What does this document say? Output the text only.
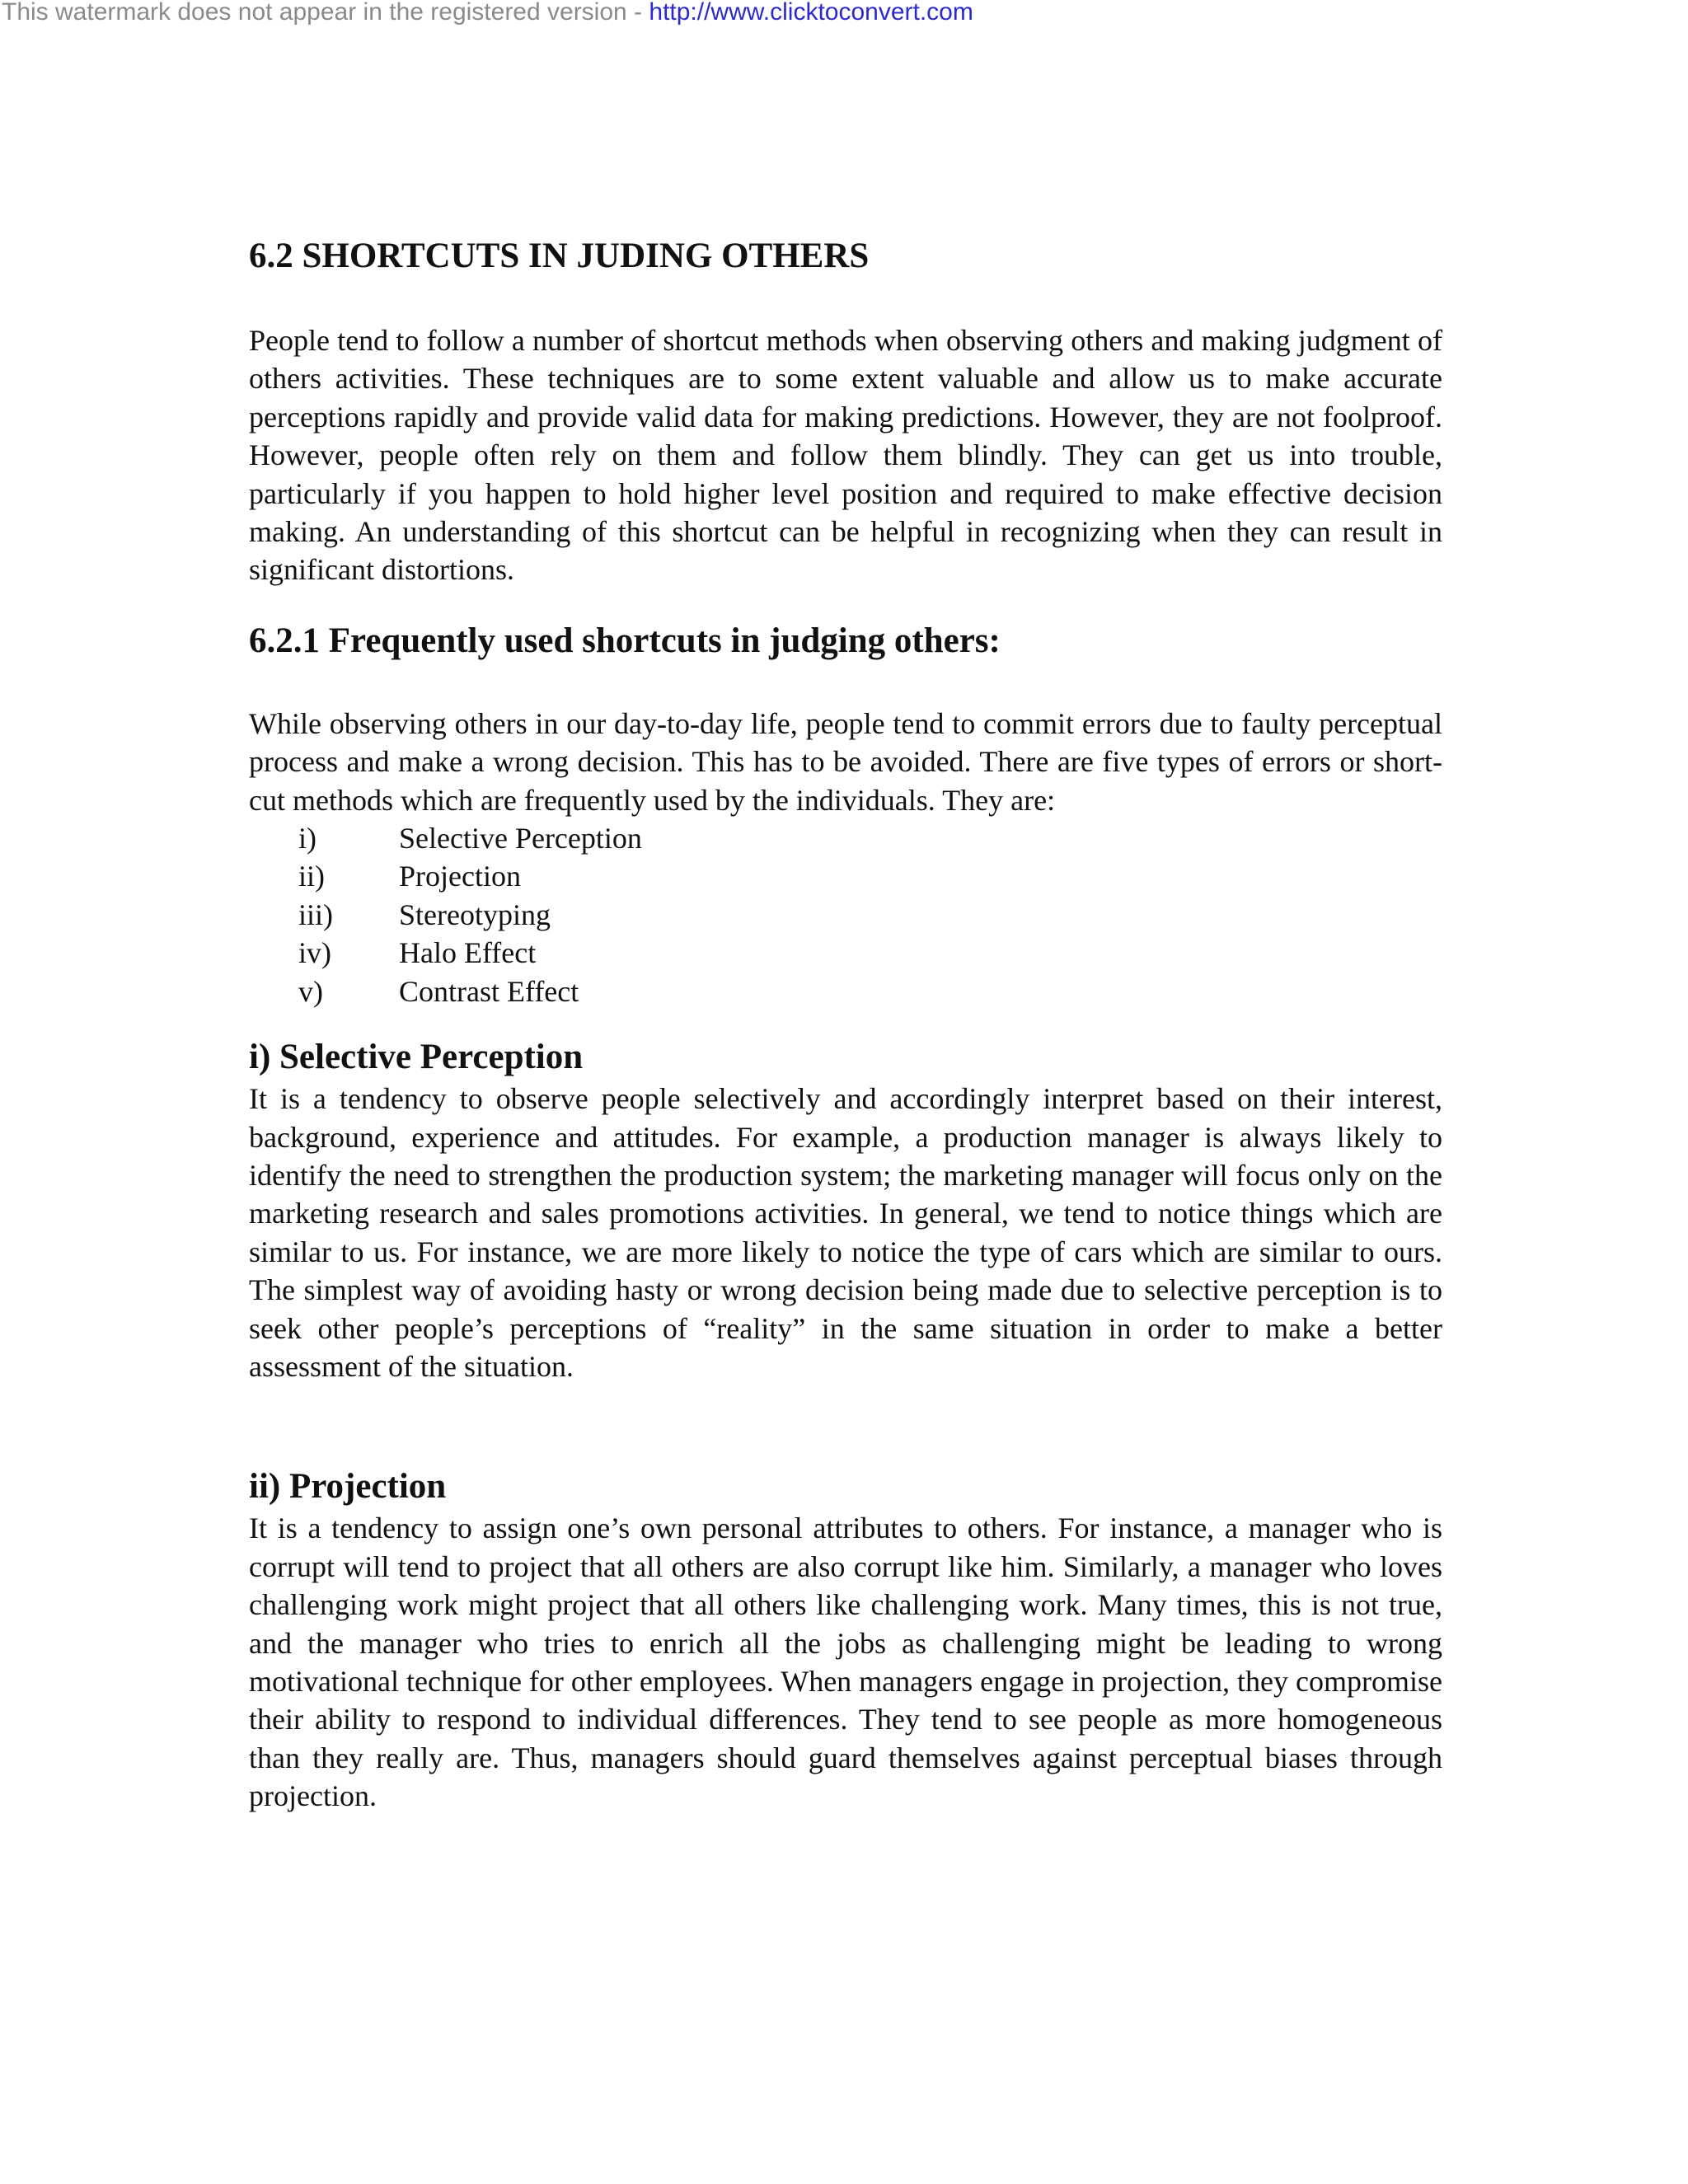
This watermark does not appear in the registered version - http://www.clicktoconvert.com
6.2 SHORTCUTS IN JUDING OTHERS

People tend to follow a number of shortcut methods when observing others and making judgment of others activities. These techniques are to some extent valuable and allow us to make accurate perceptions rapidly and provide valid data for making predictions. However, they are not foolproof. However, people often rely on them and follow them blindly. They can get us into trouble, particularly if you happen to hold higher level position and required to make effective decision making. An understanding of this shortcut can be helpful in recognizing when they can result in significant distortions.

6.2.1 Frequently used shortcuts in judging others:

While observing others in our day-to-day life, people tend to commit errors due to faulty perceptual process and make a wrong decision. This has to be avoided. There are five types of errors or short-cut methods which are frequently used by the individuals. They are:

i)	Selective Perception
ii)	Projection
iii)	Stereotyping
iv)	Halo Effect
v)	Contrast Effect
i) Selective Perception

It is a tendency to observe people selectively and accordingly interpret based on their interest, background, experience and attitudes. For example, a production manager is always likely to identify the need to strengthen the production system; the marketing manager will focus only on the marketing research and sales promotions activities. In general, we tend to notice things which are similar to us. For instance, we are more likely to notice the type of cars which are similar to ours. The simplest way of avoiding hasty or wrong decision being made due to selective perception is to seek other people’s perceptions of “reality” in the same situation in order to make a better assessment of the situation.

ii) Projection

It is a tendency to assign one’s own personal attributes to others. For instance, a manager who is corrupt will tend to project that all others are also corrupt like him. Similarly, a manager who loves challenging work might project that all others like challenging work. Many times, this is not true, and the manager who tries to enrich all the jobs as challenging might be leading to wrong motivational technique for other employees. When managers engage in projection, they compromise their ability to respond to individual differences. They tend to see people as more homogeneous than they really are. Thus, managers should guard themselves against perceptual biases through projection.
